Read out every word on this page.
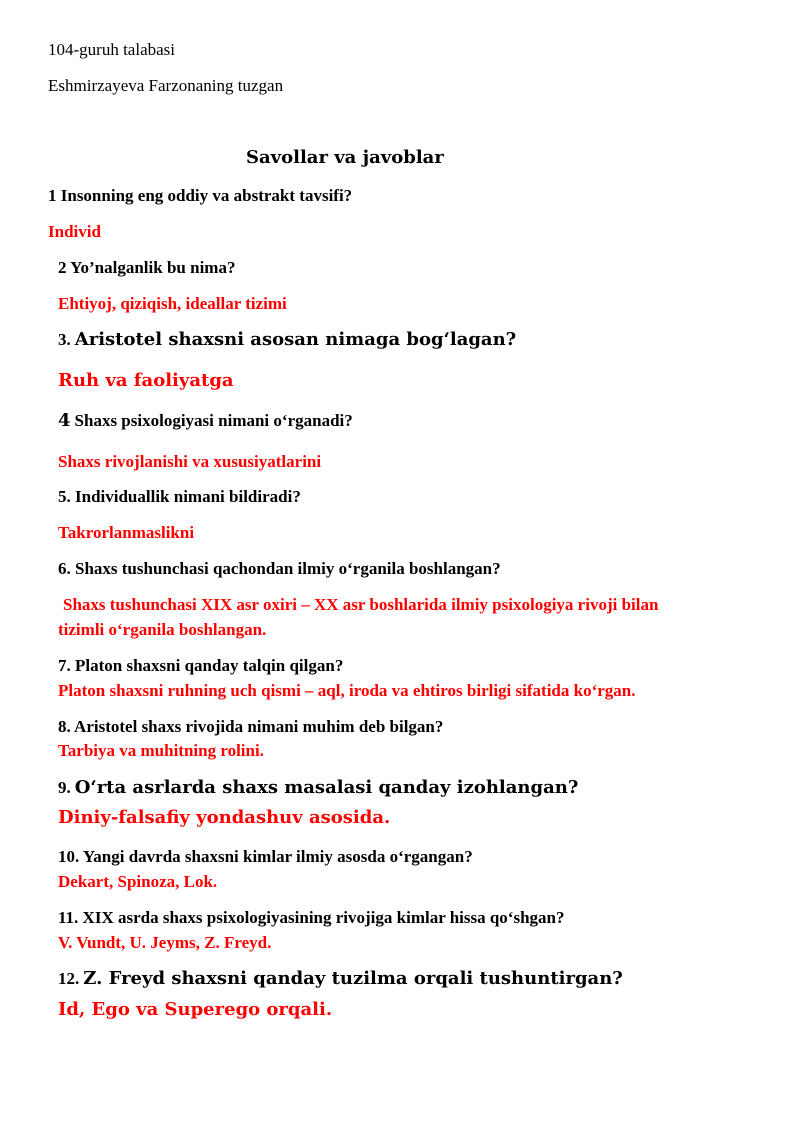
104-guruh talabasi
Eshmirzayeva Farzonaning tuzgan
Savollar va javoblar
1 Insonning eng oddiy va abstrakt tavsifi?
Individ
2 Yo’nalganlik bu nima?
Ehtiyoj, qiziqish, ideallar tizimi
3. Aristotel shaxsni asosan nimaga bog‘lagan?
Ruh va faoliyatga
4 Shaxs psixologiyasi nimani o‘rganadi?
Shaxs rivojlanishi va xususiyatlarini
5. Individuallik nimani bildiradi?
Takrorlanmaslikni
6. Shaxs tushunchasi qachondan ilmiy o‘rganila boshlangan?
Shaxs tushunchasi XIX asr oxiri – XX asr boshlarida ilmiy psixologiya rivoji bilan
tizimli o‘rganila boshlangan.
7. Platon shaxsni qanday talqin qilgan?
Platon shaxsni ruhning uch qismi – aql, iroda va ehtiros birligi sifatida ko‘rgan.
8. Aristotel shaxs rivojida nimani muhim deb bilgan?
Tarbiya va muhitning rolini.
9. O‘rta asrlarda shaxs masalasi qanday izohlangan?
Diniy-falsafiy yondashuv asosida.
10. Yangi davrda shaxsni kimlar ilmiy asosda o‘rgangan?
Dekart, Spinoza, Lok.
11. XIX asrda shaxs psixologiyasining rivojiga kimlar hissa qo‘shgan?
V. Vundt, U. Jeyms, Z. Freyd.
12. Z. Freyd shaxsni qanday tuzilma orqali tushuntirgan?
Id, Ego va Superego orqali.
